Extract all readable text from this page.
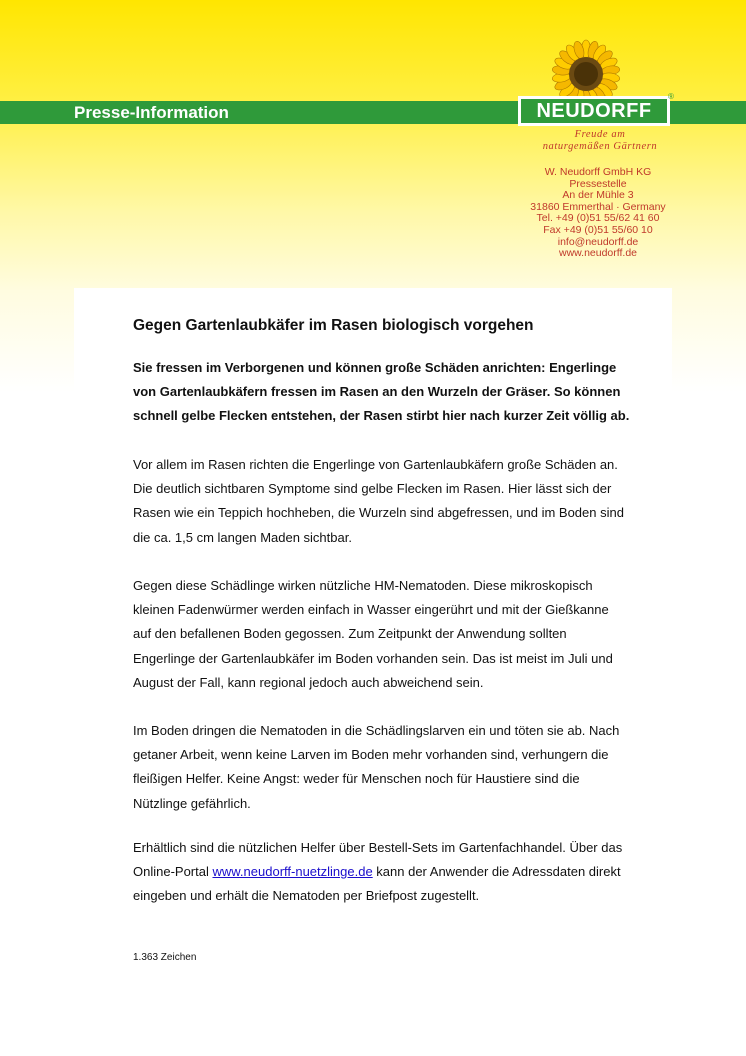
Presse-Information	NEUDORFF
®
Freude am
naturgemäßen Gärtnern
W. Neudorff GmbH KG
Pressestelle
An der Mühle 3
31860 Emmerthal · Germany
Tel. +49 (0)51 55/62 41 60
Fax +49 (0)51 55/60 10
info@neudorff.de
www.neudorff.de
Gegen Gartenlaubkäfer im Rasen biologisch vorgehen
Sie fressen im Verborgenen und können große Schäden anrichten: Engerlinge
von Gartenlaubkäfern fressen im Rasen an den Wurzeln der Gräser. So können
schnell gelbe Flecken entstehen, der Rasen stirbt hier nach kurzer Zeit völlig ab.
Vor allem im Rasen richten die Engerlinge von Gartenlaubkäfern große Schäden an.
Die deutlich sichtbaren Symptome sind gelbe Flecken im Rasen. Hier lässt sich der
Rasen wie ein Teppich hochheben, die Wurzeln sind abgefressen, und im Boden sind
die ca. 1,5 cm langen Maden sichtbar.
Gegen diese Schädlinge wirken nützliche HM-Nematoden. Diese mikroskopisch
kleinen Fadenwürmer werden einfach in Wasser eingerührt und mit der Gießkanne
auf den befallenen Boden gegossen. Zum Zeitpunkt der Anwendung sollten
Engerlinge der Gartenlaubkäfer im Boden vorhanden sein. Das ist meist im Juli und
August der Fall, kann regional jedoch auch abweichend sein.
Im Boden dringen die Nematoden in die Schädlingslarven ein und töten sie ab. Nach
getaner Arbeit, wenn keine Larven im Boden mehr vorhanden sind, verhungern die
fleißigen Helfer. Keine Angst: weder für Menschen noch für Haustiere sind die
Nützlinge gefährlich.
Erhältlich sind die nützlichen Helfer über Bestell-Sets im Gartenfachhandel. Über das
Online-Portal www.neudorff-nuetzlinge.de kann der Anwender die Adressdaten direkt
eingeben und erhält die Nematoden per Briefpost zugestellt.
1.363 Zeichen
